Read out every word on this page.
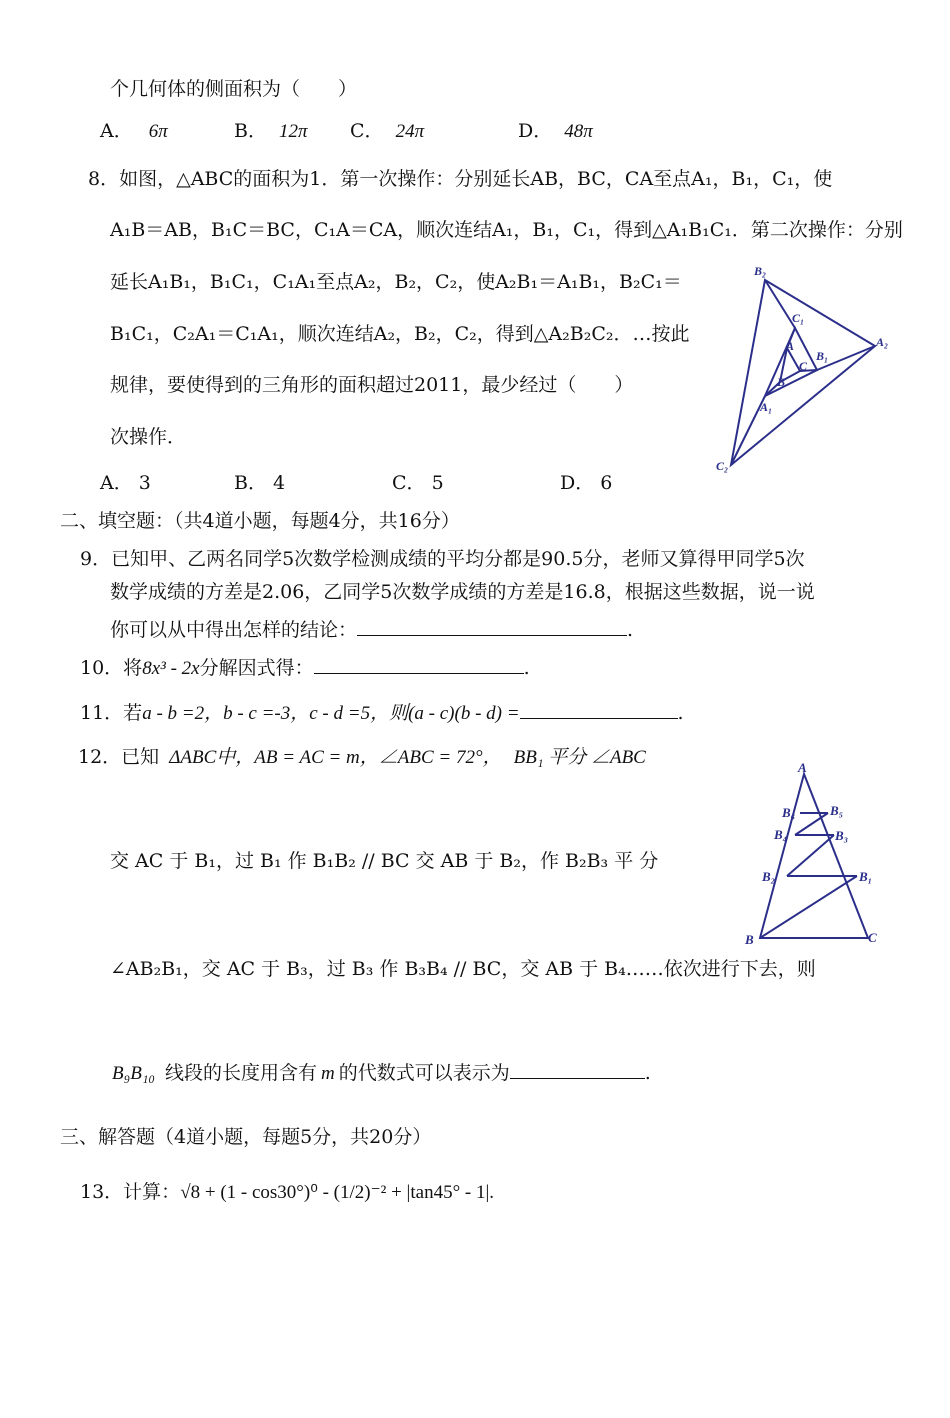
个几何体的侧面积为（　　）
A． 6π	B． 12π C． 24π	D． 48π
8．如图，△ABC的面积为1．第一次操作：分别延长AB，BC，CA至点A₁，B₁，C₁，使
A₁B＝AB，B₁C＝BC，C₁A＝CA，顺次连结A₁，B₁，C₁，得到△A₁B₁C₁．第二次操作：分别
延长A₁B₁，B₁C₁，C₁A₁至点A₂，B₂，C₂，使A₂B₁＝A₁B₁，B₂C₁＝
B₁C₁，C₂A₁＝C₁A₁，顺次连结A₂，B₂，C₂，得到△A₂B₂C₂．…按此
规律，要使得到的三角形的面积超过2011，最少经过（　　）
次操作．
A． 3	B． 4	C． 5	D． 6
B₂
C₁
A
B₁
A₂
C
B
A₁
C₂
二、填空题：（共4道小题，每题4分，共16分）
9．已知甲、乙两名同学5次数学检测成绩的平均分都是90.5分，老师又算得甲同学5次
数学成绩的方差是2.06，乙同学5次数学成绩的方差是16.8，根据这些数据，说一说
你可以从中得出怎样的结论：	.
10．将8x³ - 2x分解因式得：	.
11．若a - b =2，b - c =-3，c - d =5，则(a - c)(b - d) =	.
12．已知 ΔABC中，AB = AC = m，∠ABC = 72°， BB₁ 平分 ∠ABC
交 AC 于 B₁，过 B₁ 作 B₁B₂ // BC 交 AB 于 B₂，作 B₂B₃ 平 分
∠AB₂B₁，交 AC 于 B₃，过 B₃ 作 B₃B₄ // BC，交 AB 于 B₄……依次进行下去，则
B₉B₁₀ 线段的长度用含有 m 的代数式可以表示为	.
A
B₆	B₅
B₄	B₃
B₂	B₁
B	C
三、解答题（4道小题，每题5分，共20分）
13．计算：√8 + (1 - cos30°)⁰ - (1/2)⁻² + |tan45° - 1|.
